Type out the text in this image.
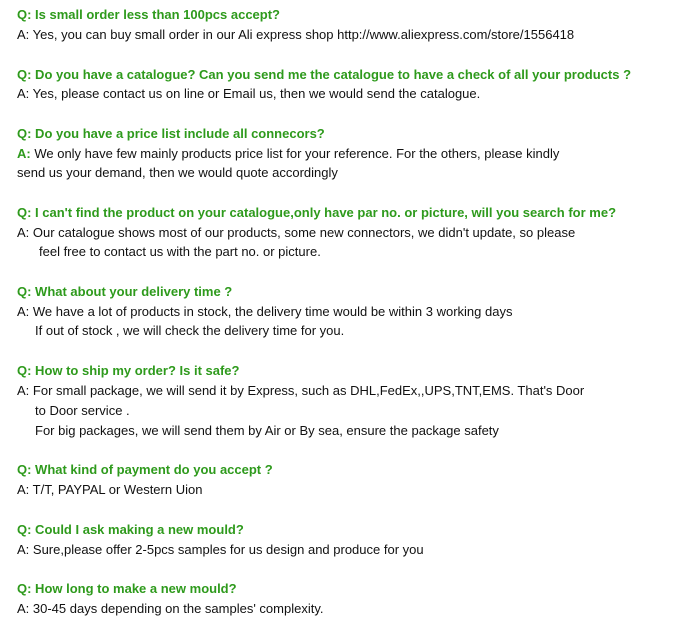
Q: Is small order less than 100pcs accept?
A: Yes, you can buy small order in our Ali express shop http://www.aliexpress.com/store/1556418
Q: Do you have a catalogue? Can you send me the catalogue to have a check of all your products ?
A: Yes, please contact us on line or Email us, then we would send the catalogue.
Q: Do you have a price list include all connecors?
A: We only have few mainly products price list for your reference. For the others, please kindly
send us your demand, then we would quote accordingly
Q: I can't find the product on your catalogue,only have par no. or picture, will you search for me?
A: Our catalogue shows most of our products, some new connectors, we didn't update, so please
feel free to contact us with the part no. or picture.
Q: What about your delivery time ?
A: We have a lot of products in stock, the delivery time would be within 3 working days
If out of stock , we will check the delivery time for you.
Q: How to ship my order? Is it safe?
A: For small package, we will send it by Express, such as DHL,FedEx,,UPS,TNT,EMS. That's Door
to Door service .
For big packages, we will send them by Air or By sea, ensure the package safety
Q: What kind of payment do you accept ?
A: T/T, PAYPAL or Western Uion
Q: Could I ask making a new mould?
A: Sure,please offer 2-5pcs samples for us design and produce for you
Q: How long to make a new mould?
A: 30-45 days depending on the samples' complexity.
